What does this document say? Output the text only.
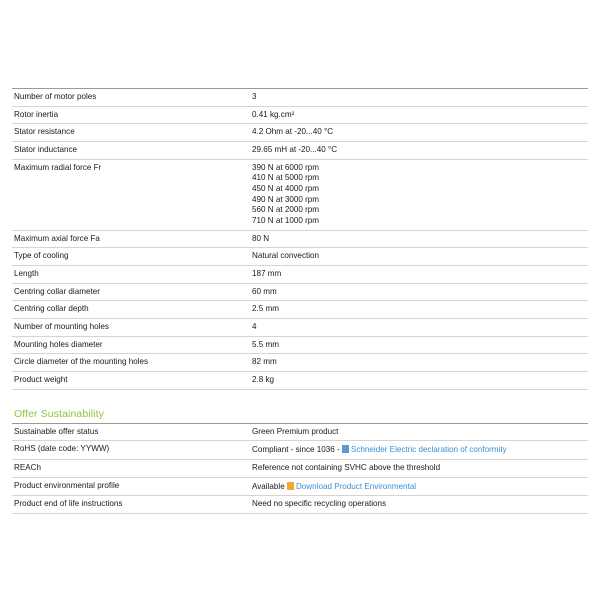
Number of motor poles	3
Rotor inertia	0.41 kg.cm²
Stator resistance	4.2 Ohm at -20...40 °C
Stator inductance	29.65 mH at -20...40 °C
Maximum radial force Fr	390 N at 6000 rpm
410 N at 5000 rpm
450 N at 4000 rpm
490 N at 3000 rpm
560 N at 2000 rpm
710 N at 1000 rpm

Maximum axial force Fa	80 N
Type of cooling	Natural convection
Length	187 mm
Centring collar diameter	60 mm
Centring collar depth	2.5 mm
Number of mounting holes	4
Mounting holes diameter	5.5 mm
Circle diameter of the mounting holes	82 mm
Product weight	2.8 kg
Offer Sustainability
Sustainable offer status	Green Premium product
RoHS (date code: YYWW)	Compliant - since 1036 - Schneider Electric declaration of conformity
REACh	Reference not containing SVHC above the threshold
Product environmental profile	Available Download Product Environmental
Product end of life instructions	Need no specific recycling operations
